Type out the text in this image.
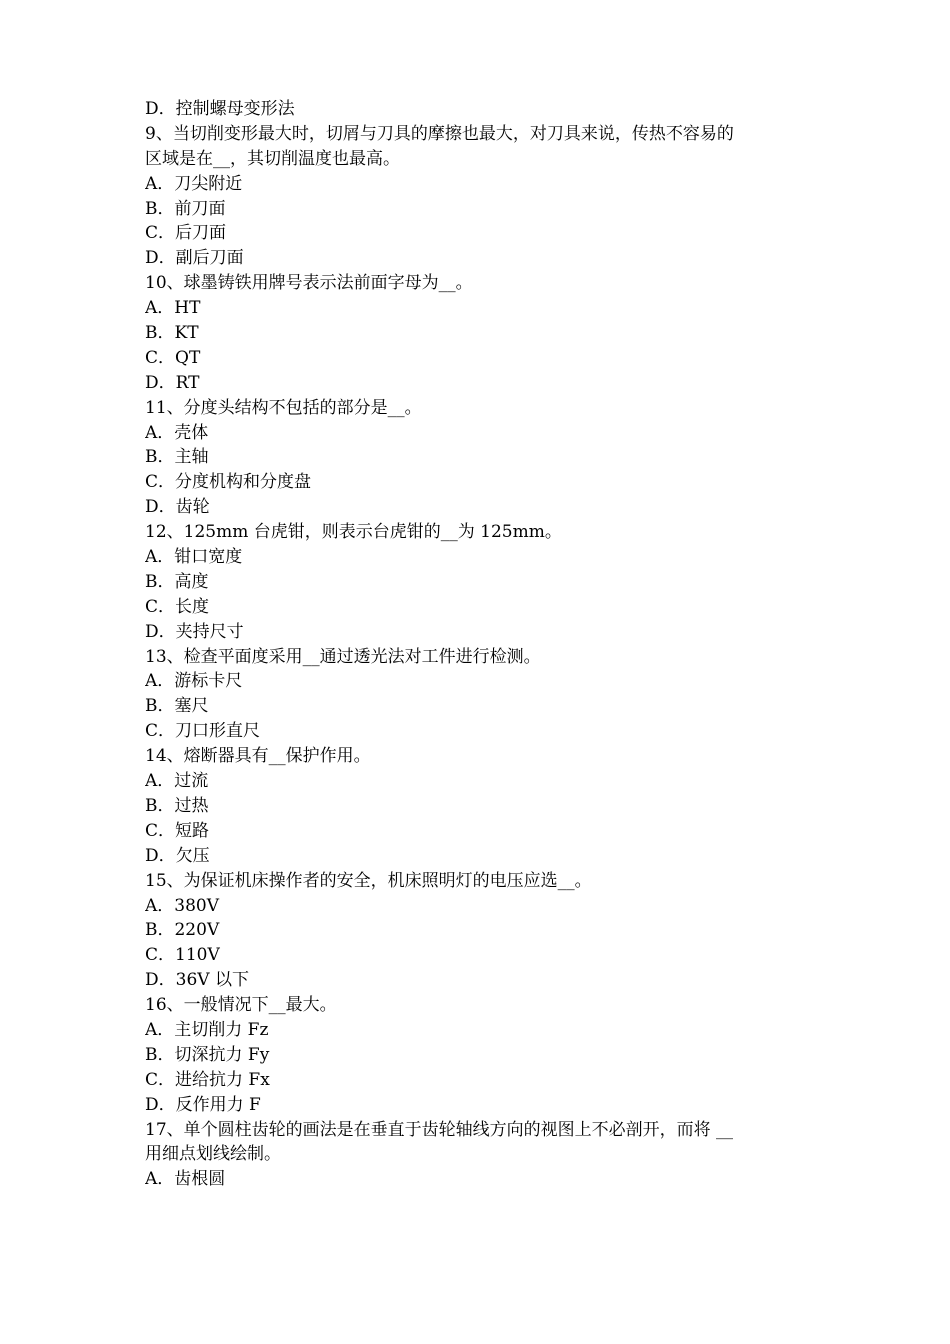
D．控制螺母变形法
9、当切削变形最大时，切屑与刀具的摩擦也最大，对刀具来说，传热不容易的
区域是在__，其切削温度也最高。
A．刀尖附近
B．前刀面
C．后刀面
D．副后刀面
10、球墨铸铁用牌号表示法前面字母为__。
A．HT
B．KT
C．QT
D．RT
11、分度头结构不包括的部分是__。
A．壳体
B．主轴
C．分度机构和分度盘
D．齿轮
12、125mm 台虎钳，则表示台虎钳的__为 125mm。
A．钳口宽度
B．高度
C．长度
D．夹持尺寸
13、检查平面度采用__通过透光法对工件进行检测。
A．游标卡尺
B．塞尺
C．刀口形直尺
14、熔断器具有__保护作用。
A．过流
B．过热
C．短路
D．欠压
15、为保证机床操作者的安全，机床照明灯的电压应选__。
A．380V
B．220V
C．110V
D．36V 以下
16、一般情况下__最大。
A．主切削力 Fz
B．切深抗力 Fy
C．进给抗力 Fx
D．反作用力 F
17、单个圆柱齿轮的画法是在垂直于齿轮轴线方向的视图上不必剖开，而将 __
用细点划线绘制。
A．齿根圆
